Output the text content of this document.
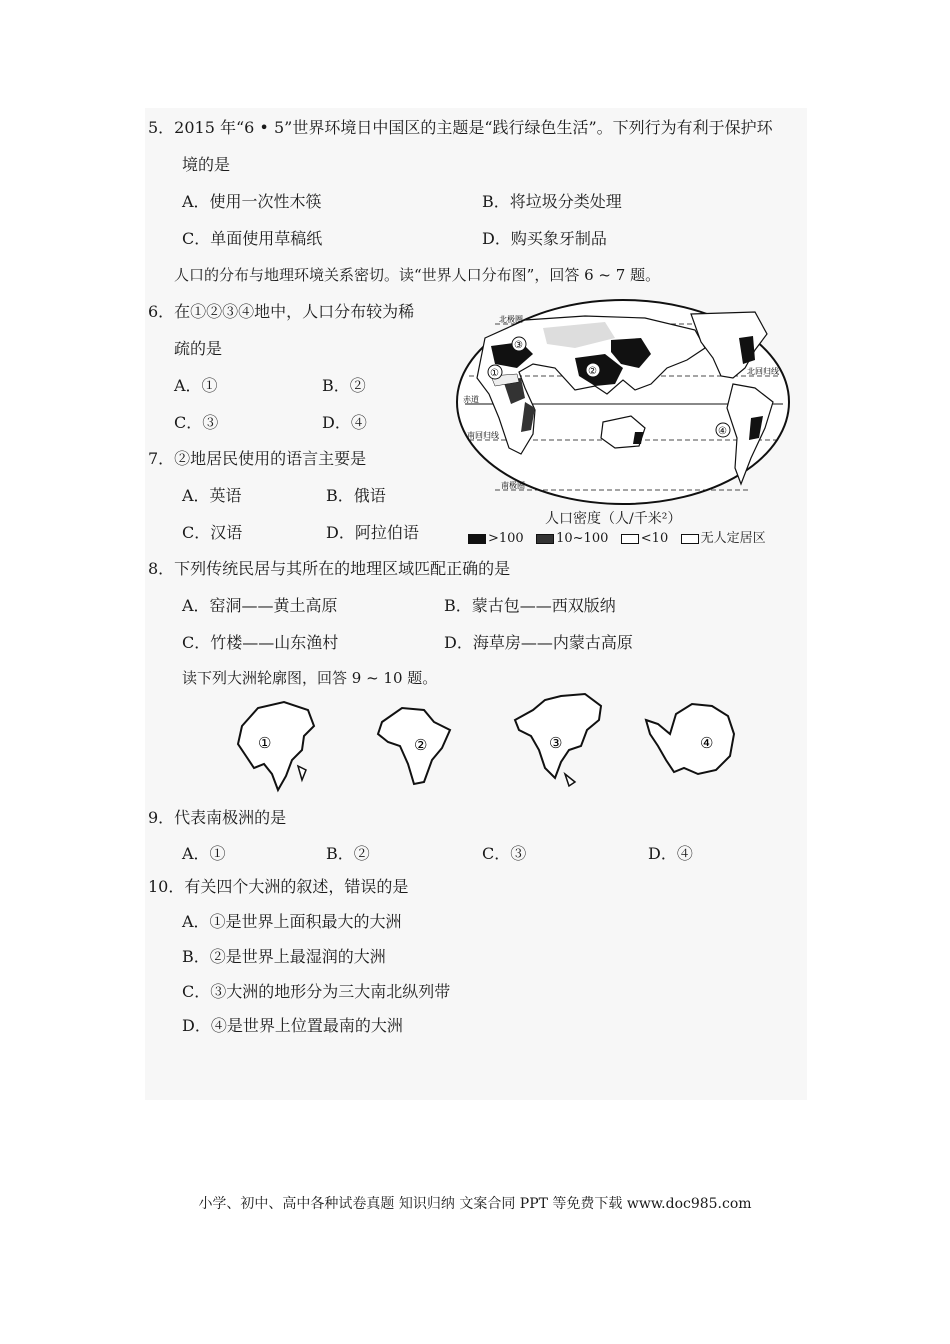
5．2015 年“6 • 5”世界环境日中国区的主题是“践行绿色生活”。下列行为有利于保护环
境的是
A．使用一次性木筷	B．将垃圾分类处理
C．单面使用草稿纸	D．购买象牙制品
人口的分布与地理环境关系密切。读“世界人口分布图”，回答 6 ~ 7 题。
6．在①②③④地中，人口分布较为稀
疏的是
A．①	B．②
C．③	D．④
7．②地居民使用的语言主要是
A．英语	B．俄语
C．汉语	D．阿拉伯语
北极圈
北回归线
赤道
南回归线
南极圈
①	②
③
④
人口密度（人/千米²）
>100 10~100 <10 无人定居区
8．下列传统民居与其所在的地理区域匹配正确的是
A．窑洞——黄土高原	B．蒙古包——西双版纳
C．竹楼——山东渔村	D．海草房——内蒙古高原
读下列大洲轮廓图，回答 9 ~ 10 题。
①	②	③	④
9．代表南极洲的是
A．①	B．②	C．③	D．④
10．有关四个大洲的叙述，错误的是
A．①是世界上面积最大的大洲
B．②是世界上最湿润的大洲
C．③大洲的地形分为三大南北纵列带
D．④是世界上位置最南的大洲
小学、初中、高中各种试卷真题 知识归纳 文案合同 PPT 等免费下载 www.doc985.com
